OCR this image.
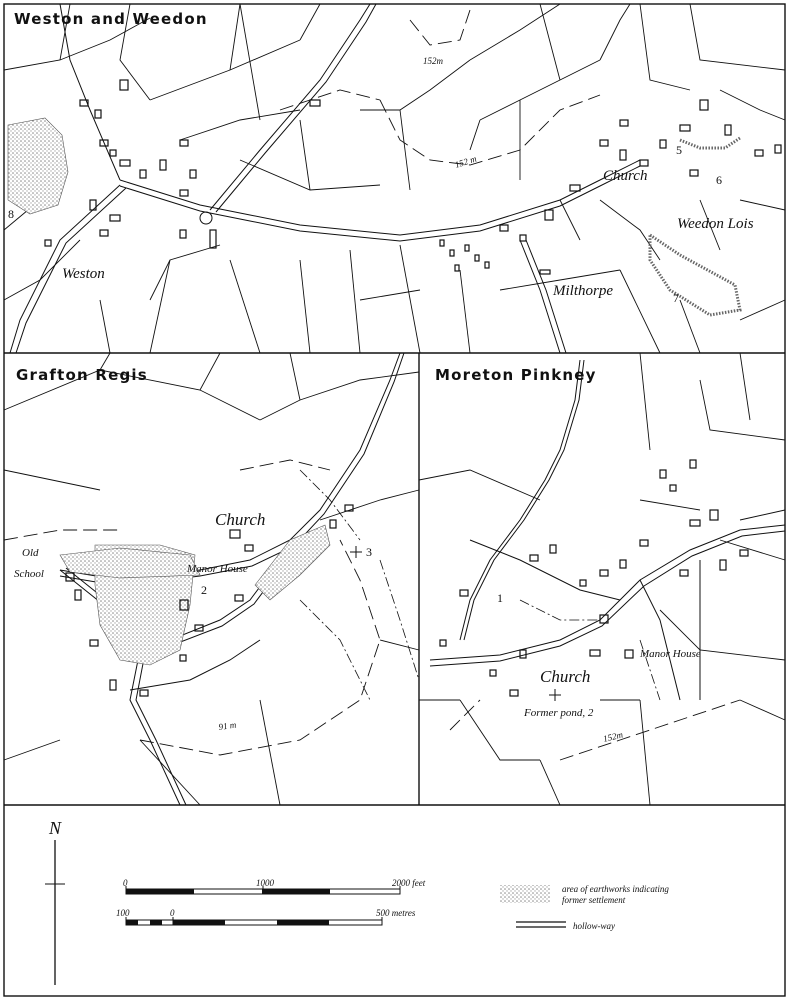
Weston and Weedon
Weston
Church
Weedon Lois
Milthorpe
5
6
7
8
152m
152 m
Grafton Regis
Church
Manor House
Old
School
2
3
91 m
Moreton Pinkney
Manor House
Church
Former pond, 2
1
152m
N
0	1000	2000 feet
100	0	500 metres
area of earthworks indicating
former settlement
hollow-way
